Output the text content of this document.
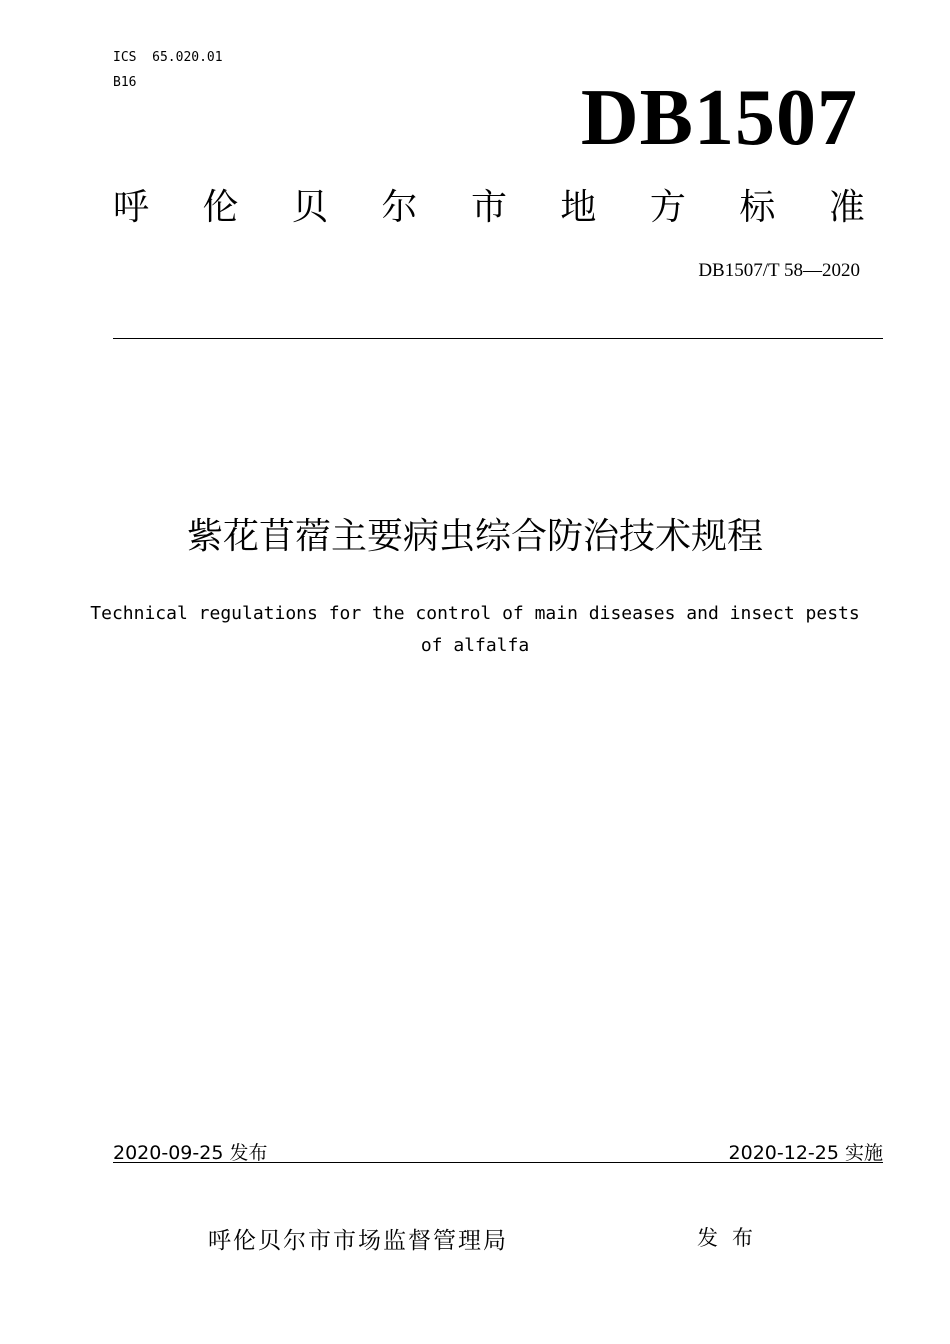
ICS  65.020.01
B16	DB1507
呼 伦 贝 尔 市 地 方 标 准
DB1507/T 58—2020
紫花苜蓿主要病虫综合防治技术规程
Technical regulations for the control of main diseases and insect pests
of alfalfa
2020-09-25 发布	2020-12-25 实施
呼伦贝尔市市场监督管理局	发布
